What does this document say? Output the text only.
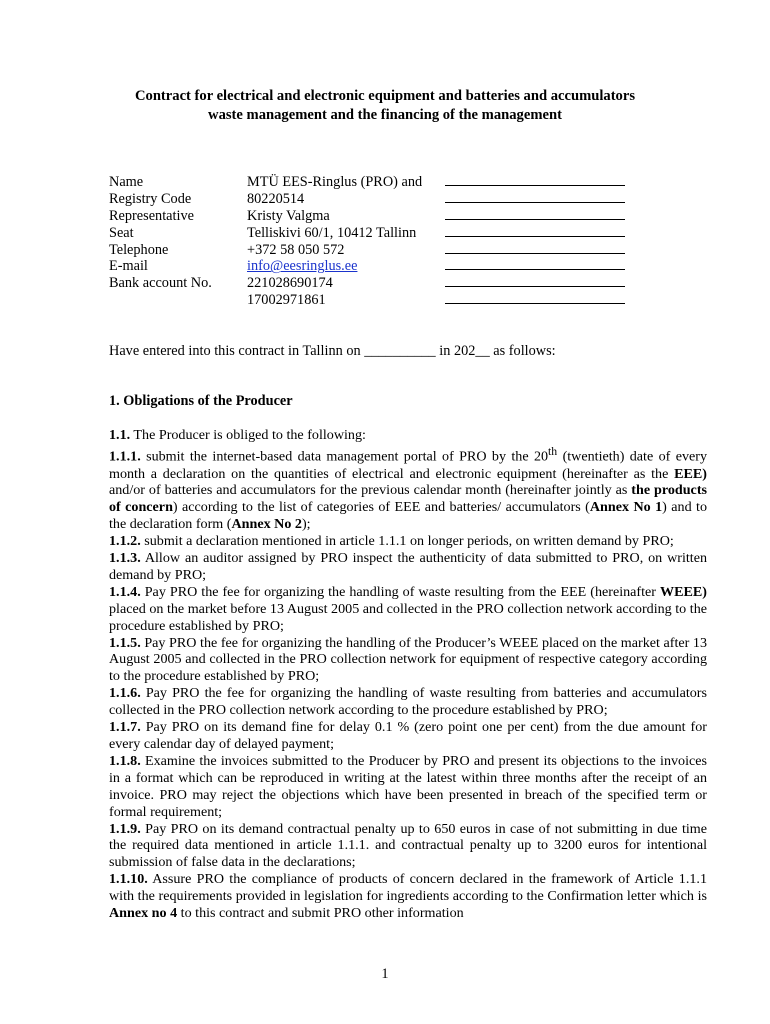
Contract for electrical and electronic equipment and batteries and accumulators
waste management and the financing of the management
Name	MTÜ EES-Ringlus (PRO) and
Registry Code	80220514
Representative	Kristy Valgma
Seat	Telliskivi 60/1, 10412 Tallinn
Telephone	+372 58 050 572
E-mail	info@eesringlus.ee
Bank account No. 221028690174
17002971861
Have entered into this contract in Tallinn on __________ in 202__ as follows:
1. Obligations of the Producer

1.1. The Producer is obliged to the following:

1.1.1. submit the internet-based data management portal of PRO by the 20th (twentieth) date of every month a declaration on the quantities of electrical and electronic equipment (hereinafter as the EEE) and/or of batteries and accumulators for the previous calendar month (hereinafter jointly as the products of concern) according to the list of categories of EEE and batteries/ accumulators (Annex No 1) and to the declaration form (Annex No 2);

1.1.2. submit a declaration mentioned in article 1.1.1 on longer periods, on written demand by PRO;

1.1.3. Allow an auditor assigned by PRO inspect the authenticity of data submitted to PRO, on written demand by PRO;

1.1.4. Pay PRO the fee for organizing the handling of waste resulting from the EEE (hereinafter WEEE) placed on the market before 13 August 2005 and collected in the PRO collection network according to the procedure established by PRO;

1.1.5. Pay PRO the fee for organizing the handling of the Producer’s WEEE placed on the market after 13 August 2005 and collected in the PRO collection network for equipment of respective category according to the procedure established by PRO;

1.1.6. Pay PRO the fee for organizing the handling of waste resulting from batteries and accumulators collected in the PRO collection network according to the procedure established by PRO;

1.1.7. Pay PRO on its demand fine for delay 0.1 % (zero point one per cent) from the due amount for every calendar day of delayed payment;

1.1.8. Examine the invoices submitted to the Producer by PRO and present its objections to the invoices in a format which can be reproduced in writing at the latest within three months after the receipt of an invoice. PRO may reject the objections which have been presented in breach of the specified term or formal requirement;

1.1.9. Pay PRO on its demand contractual penalty up to 650 euros in case of not submitting in due time the required data mentioned in article 1.1.1. and contractual penalty up to 3200 euros for intentional submission of false data in the declarations;

1.1.10. Assure PRO the compliance of products of concern declared in the framework of Article 1.1.1 with the requirements provided in legislation for ingredients according to the Confirmation letter which is Annex no 4 to this contract and submit PRO other information

1
